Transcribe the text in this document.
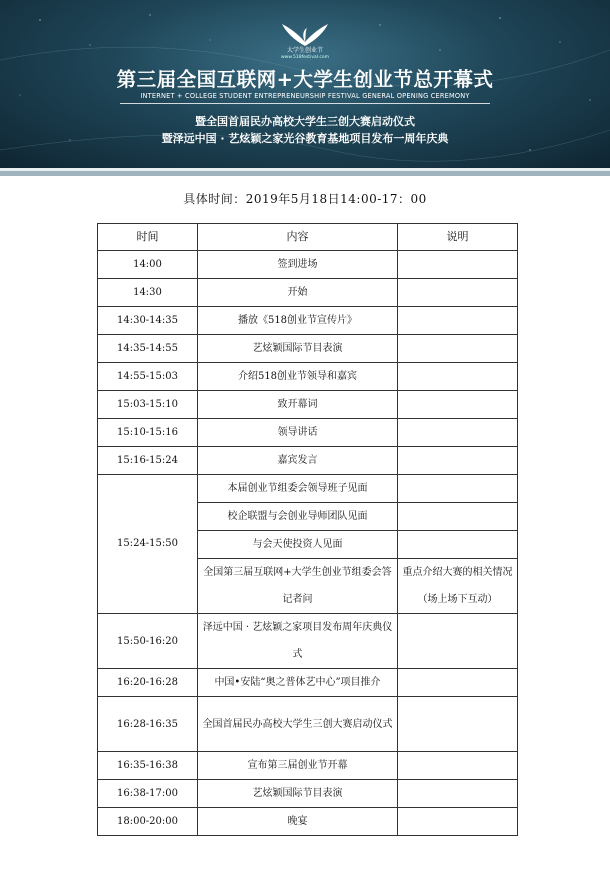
大学生创业节
www.518festival.com
第三届全国互联网+大学生创业节总开幕式
INTERNET + COLLEGE STUDENT ENTREPRENEURSHIP FESTIVAL GENERAL OPENING CEREMONY
暨全国首届民办高校大学生三创大赛启动仪式
暨泽远中国 · 艺炫颖之家光谷教育基地项目发布一周年庆典
具体时间：2019年5月18日14:00-17：00
时间	内容	说明
14:00	签到进场	
14:30	开始	
14:30-14:35	播放《518创业节宣传片》	
14:35-14:55	艺炫颖国际节目表演	
14:55-15:03	介绍518创业节领导和嘉宾	
15:03-15:10	致开幕词	
15:10-15:16	领导讲话	
15:16-15:24	嘉宾发言	
15:24-15:50	本届创业节组委会领导班子见面	
	校企联盟与会创业导师团队见面	
	与会天使投资人见面	
	全国第三届互联网+大学生创业节组委会答记者问	重点介绍大赛的相关情况（场上场下互动）
15:50-16:20	泽远中国 · 艺炫颖之家项目发布周年庆典仪式	
16:20-16:28	中国•安陆“奥之普体艺中心”项目推介	
16:28-16:35	全国首届民办高校大学生三创大赛启动仪式	
16:35-16:38	宣布第三届创业节开幕	
16:38-17:00	艺炫颖国际节目表演	
18:00-20:00	晚宴	
